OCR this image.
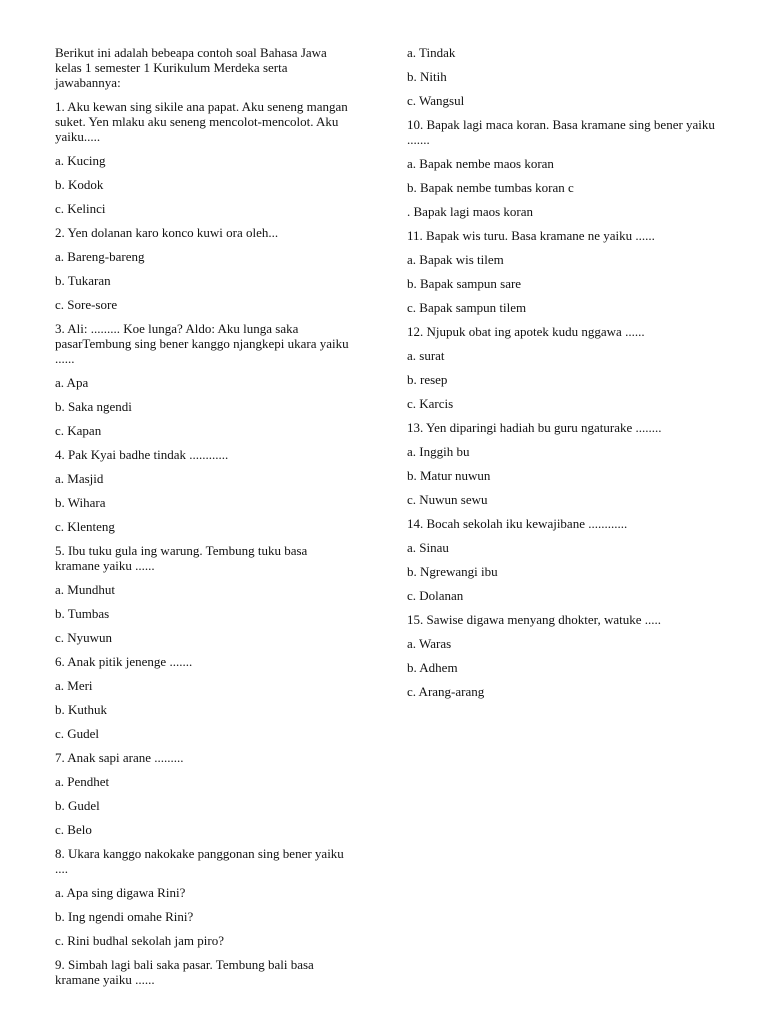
Berikut ini adalah bebeapa contoh soal Bahasa Jawa kelas 1 semester 1 Kurikulum Merdeka serta jawabannya:

1. Aku kewan sing sikile ana papat. Aku seneng mangan suket. Yen mlaku aku seneng mencolot-mencolot. Aku yaiku.....

a. Kucing
b. Kodok
c. Kelinci

2. Yen dolanan karo konco kuwi ora oleh...

a. Bareng-bareng
b. Tukaran
c. Sore-sore

3. Ali: ......... Koe lunga? Aldo: Aku lunga saka pasarTembung sing bener kanggo njangkepi ukara yaiku ......

a. Apa
b. Saka ngendi
c. Kapan

4. Pak Kyai badhe tindak ............

a. Masjid
b. Wihara
c. Klenteng

5. Ibu tuku gula ing warung. Tembung tuku basa kramane yaiku ......

a. Mundhut
b. Tumbas
c. Nyuwun

6. Anak pitik jenenge .......

a. Meri
b. Kuthuk
c. Gudel

7. Anak sapi arane .........

a. Pendhet
b. Gudel
c. Belo

8. Ukara kanggo nakokake panggonan sing bener yaiku ....

a. Apa sing digawa Rini?
b. Ing ngendi omahe Rini?
c. Rini budhal sekolah jam piro?

9. Simbah lagi bali saka pasar. Tembung bali basa kramane yaiku ......

a. Tindak
b. Nitih
c. Wangsul

10. Bapak lagi maca koran. Basa kramane sing bener yaiku .......

a. Bapak nembe maos koran
b. Bapak nembe tumbas koran c
. Bapak lagi maos koran

11. Bapak wis turu. Basa kramane ne yaiku ......

a. Bapak wis tilem
b. Bapak sampun sare
c. Bapak sampun tilem

12. Njupuk obat ing apotek kudu nggawa ......

a. surat
b. resep
c. Karcis

13. Yen diparingi hadiah bu guru ngaturake ........

a. Inggih bu
b. Matur nuwun
c. Nuwun sewu

14. Bocah sekolah iku kewajibane ............

a. Sinau
b. Ngrewangi ibu
c. Dolanan

15. Sawise digawa menyang dhokter, watuke .....

a. Waras
b. Adhem
c. Arang-arang
